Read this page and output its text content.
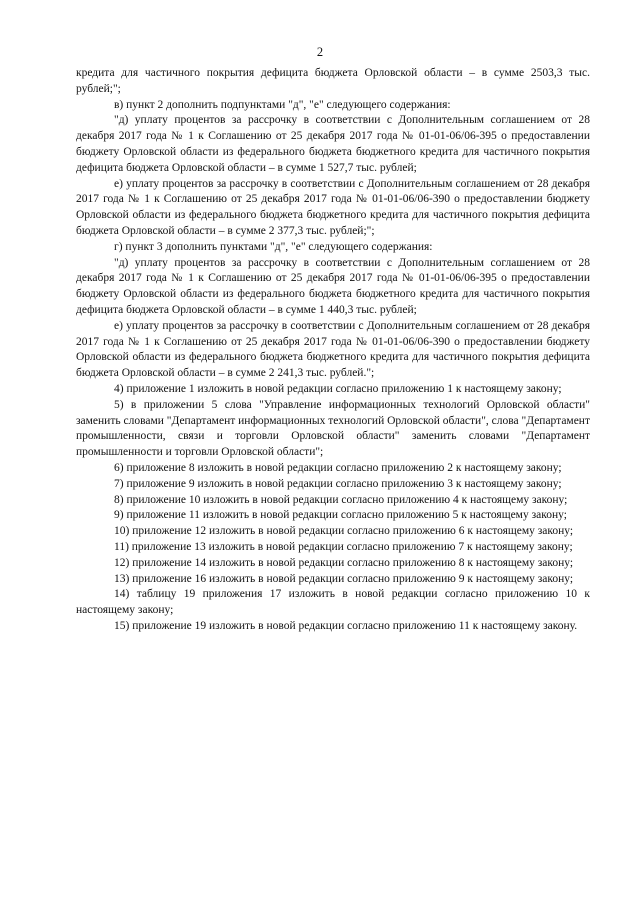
2

кредита для частичного покрытия дефицита бюджета Орловской области – в сумме 2503,3 тыс. рублей;";

в) пункт 2 дополнить подпунктами "д", "е" следующего содержания:

"д) уплату процентов за рассрочку в соответствии с Дополнительным соглашением от 28 декабря 2017 года № 1 к Соглашению от 25 декабря 2017 года № 01-01-06/06-395 о предоставлении бюджету Орловской области из федерального бюджета бюджетного кредита для частичного покрытия дефицита бюджета Орловской области – в сумме 1 527,7 тыс. рублей;

е) уплату процентов за рассрочку в соответствии с Дополнительным соглашением от 28 декабря 2017 года № 1 к Соглашению от 25 декабря 2017 года № 01-01-06/06-390 о предоставлении бюджету Орловской области из федерального бюджета бюджетного кредита для частичного покрытия дефицита бюджета Орловской области – в сумме 2 377,3 тыс. рублей;";

г) пункт 3 дополнить пунктами "д", "е" следующего содержания:

"д) уплату процентов за рассрочку в соответствии с Дополнительным соглашением от 28 декабря 2017 года № 1 к Соглашению от 25 декабря 2017 года № 01-01-06/06-395 о предоставлении бюджету Орловской области из федерального бюджета бюджетного кредита для частичного покрытия дефицита бюджета Орловской области – в сумме 1 440,3 тыс. рублей;

е) уплату процентов за рассрочку в соответствии с Дополнительным соглашением от 28 декабря 2017 года № 1 к Соглашению от 25 декабря 2017 года № 01-01-06/06-390 о предоставлении бюджету Орловской области из федерального бюджета бюджетного кредита для частичного покрытия дефицита бюджета Орловской области – в сумме 2 241,3 тыс. рублей.";

4) приложение 1 изложить в новой редакции согласно приложению 1 к настоящему закону;

5) в приложении 5 слова "Управление информационных технологий Орловской области" заменить словами "Департамент информационных технологий Орловской области", слова "Департамент промышленности, связи и торговли Орловской области" заменить словами "Департамент промышленности и торговли Орловской области";

6) приложение 8 изложить в новой редакции согласно приложению 2 к настоящему закону;

7) приложение 9 изложить в новой редакции согласно приложению 3 к настоящему закону;

8) приложение 10 изложить в новой редакции согласно приложению 4 к настоящему закону;

9) приложение 11 изложить в новой редакции согласно приложению 5 к настоящему закону;

10) приложение 12 изложить в новой редакции согласно приложению 6 к настоящему закону;

11) приложение 13 изложить в новой редакции согласно приложению 7 к настоящему закону;

12) приложение 14 изложить в новой редакции согласно приложению 8 к настоящему закону;

13) приложение 16 изложить в новой редакции согласно приложению 9 к настоящему закону;

14) таблицу 19 приложения 17 изложить в новой редакции согласно приложению 10 к настоящему закону;

15) приложение 19 изложить в новой редакции согласно приложению 11 к настоящему закону.
